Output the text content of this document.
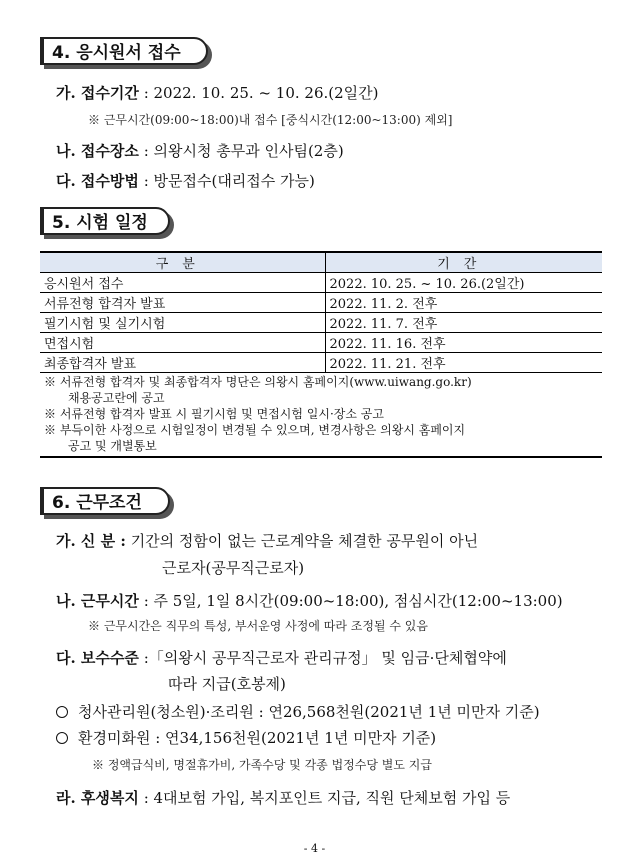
4. 응시원서 접수
가. 접수기간 : 2022. 10. 25. ~ 10. 26.(2일간)
※ 근무시간(09:00~18:00)내 접수 [중식시간(12:00~13:00) 제외]
나. 접수장소 : 의왕시청 총무과 인사팀(2층)
다. 접수방법 : 방문접수(대리접수 가능)
5. 시험 일정
구분	기간
응시원서 접수	2022. 10. 25. ~ 10. 26.(2일간)
서류전형 합격자 발표	2022. 11. 2. 전후
필기시험 및 실기시험	2022. 11. 7. 전후
면접시험	2022. 11. 16. 전후
최종합격자 발표	2022. 11. 21. 전후
※ 서류전형 합격자 및 최종합격자 명단은 의왕시 홈페이지(www.uiwang.go.kr)
채용공고란에 공고
※ 서류전형 합격자 발표 시 필기시험 및 면접시험 일시·장소 공고
※ 부득이한 사정으로 시험일정이 변경될 수 있으며, 변경사항은 의왕시 홈페이지
공고 및 개별통보
6. 근무조건
가. 신 분 : 기간의 정함이 없는 근로계약을 체결한 공무원이 아닌
근로자(공무직근로자)
나. 근무시간 : 주 5일, 1일 8시간(09:00~18:00), 점심시간(12:00~13:00)
※ 근무시간은 직무의 특성, 부서운영 사정에 따라 조정될 수 있음
다. 보수수준 :「의왕시 공무직근로자 관리규정」 및 임금·단체협약에
따라 지급(호봉제)
청사관리원(청소원)·조리원 : 연26,568천원(2021년 1년 미만자 기준)
환경미화원 : 연34,156천원(2021년 1년 미만자 기준)
※ 정액급식비, 명절휴가비, 가족수당 및 각종 법정수당 별도 지급
라. 후생복지 : 4대보험 가입, 복지포인트 지급, 직원 단체보험 가입 등
- 4 -
